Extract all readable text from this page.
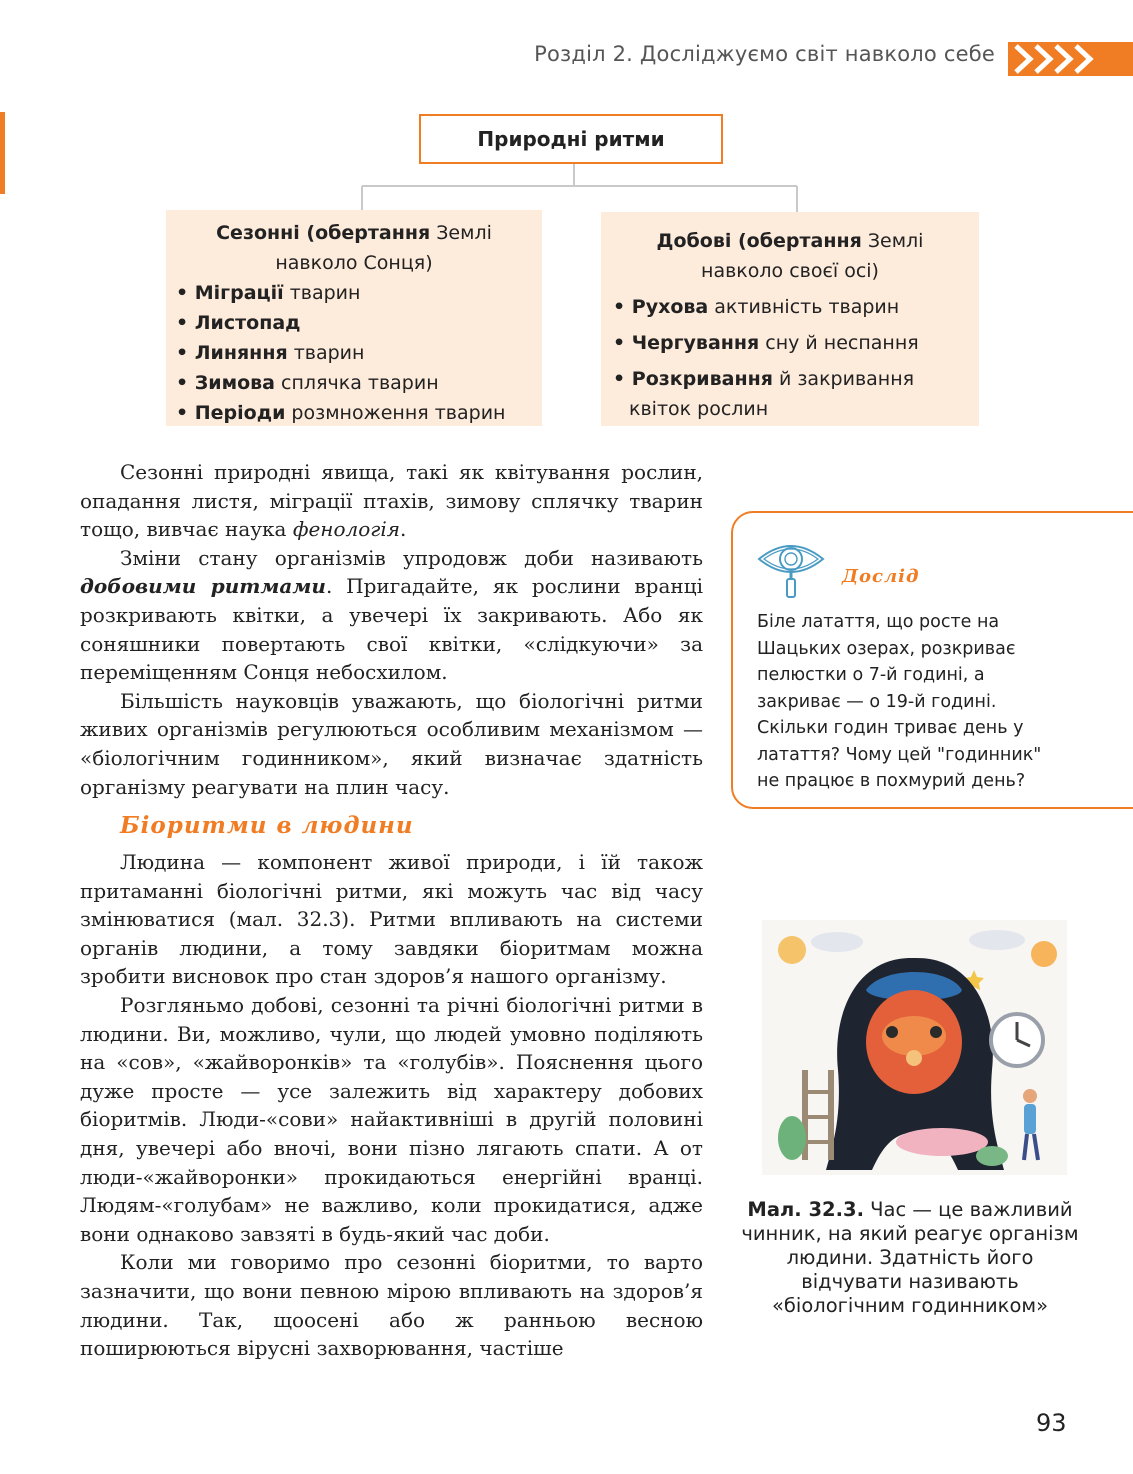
Розділ 2. Досліджуємо світ навколо себе
Природні ритми
Сезонні (обертання Землі навколо Сонця)
• Міграції тварин
• Листопад
• Линяння тварин
• Зимова сплячка тварин
• Періоди розмноження тварин
Добові (обертання Землі навколо своєї осі)
• Рухова активність тварин
• Чергування сну й неспання
• Розкривання й закривання квіток рослин

Сезонні природні явища, такі як квітування рослин, опадання листя, міграції птахів, зимову сплячку тварин тощо, вивчає наука фенологія.

Зміни стану організмів упродовж доби називають добовими ритмами. Пригадайте, як рослини вранці розкривають квітки, а увечері їх закривають. Або як соняшники повертають свої квітки, «слідкуючи» за переміщенням Сонця небосхилом.

Більшість науковців уважають, що біологічні ритми живих організмів регулюються особливим механізмом — «біологічним годинником», який визначає здатність організму реагувати на плин часу.

Біоритми в людини

Людина — компонент живої природи, і їй також притаманні біологічні ритми, які можуть час від часу змінюватися (мал. 32.3). Ритми впливають на системи органів людини, а тому завдяки біоритмам можна зробити висновок про стан здоров’я нашого організму.

Розгляньмо добові, сезонні та річні біологічні ритми в людини. Ви, можливо, чули, що людей умовно поділяють на «сов», «жайворонків» та «голубів». Пояснення цього дуже просте — усе залежить від характеру добових біоритмів. Люди-«сови» найактивніші в другій половині дня, увечері або вночі, вони пізно лягають спати. А от люди-«жайворонки» прокидаються енергійні вранці. Людям-«голубам» не важливо, коли прокидатися, адже вони однаково завзяті в будь-який час доби.

Коли ми говоримо про сезонні біоритми, то варто зазначити, що вони певною мірою впливають на здоров’я людини. Так, щоосені або ж ранньою весною поширюються вірусні захворювання, частіше

Дослід
Біле латаття, що росте на Шацьких озерах, розкриває пелюстки о 7-й годині, а закриває — о 19-й годині. Скільки годин триває день у латаття? Чому цей "годинник" не працює в похмурий день?
Мал. 32.3. Час — це важливий чинник, на який реагує організм людини. Здатність його відчувати називають «біологічним годинником»
93
